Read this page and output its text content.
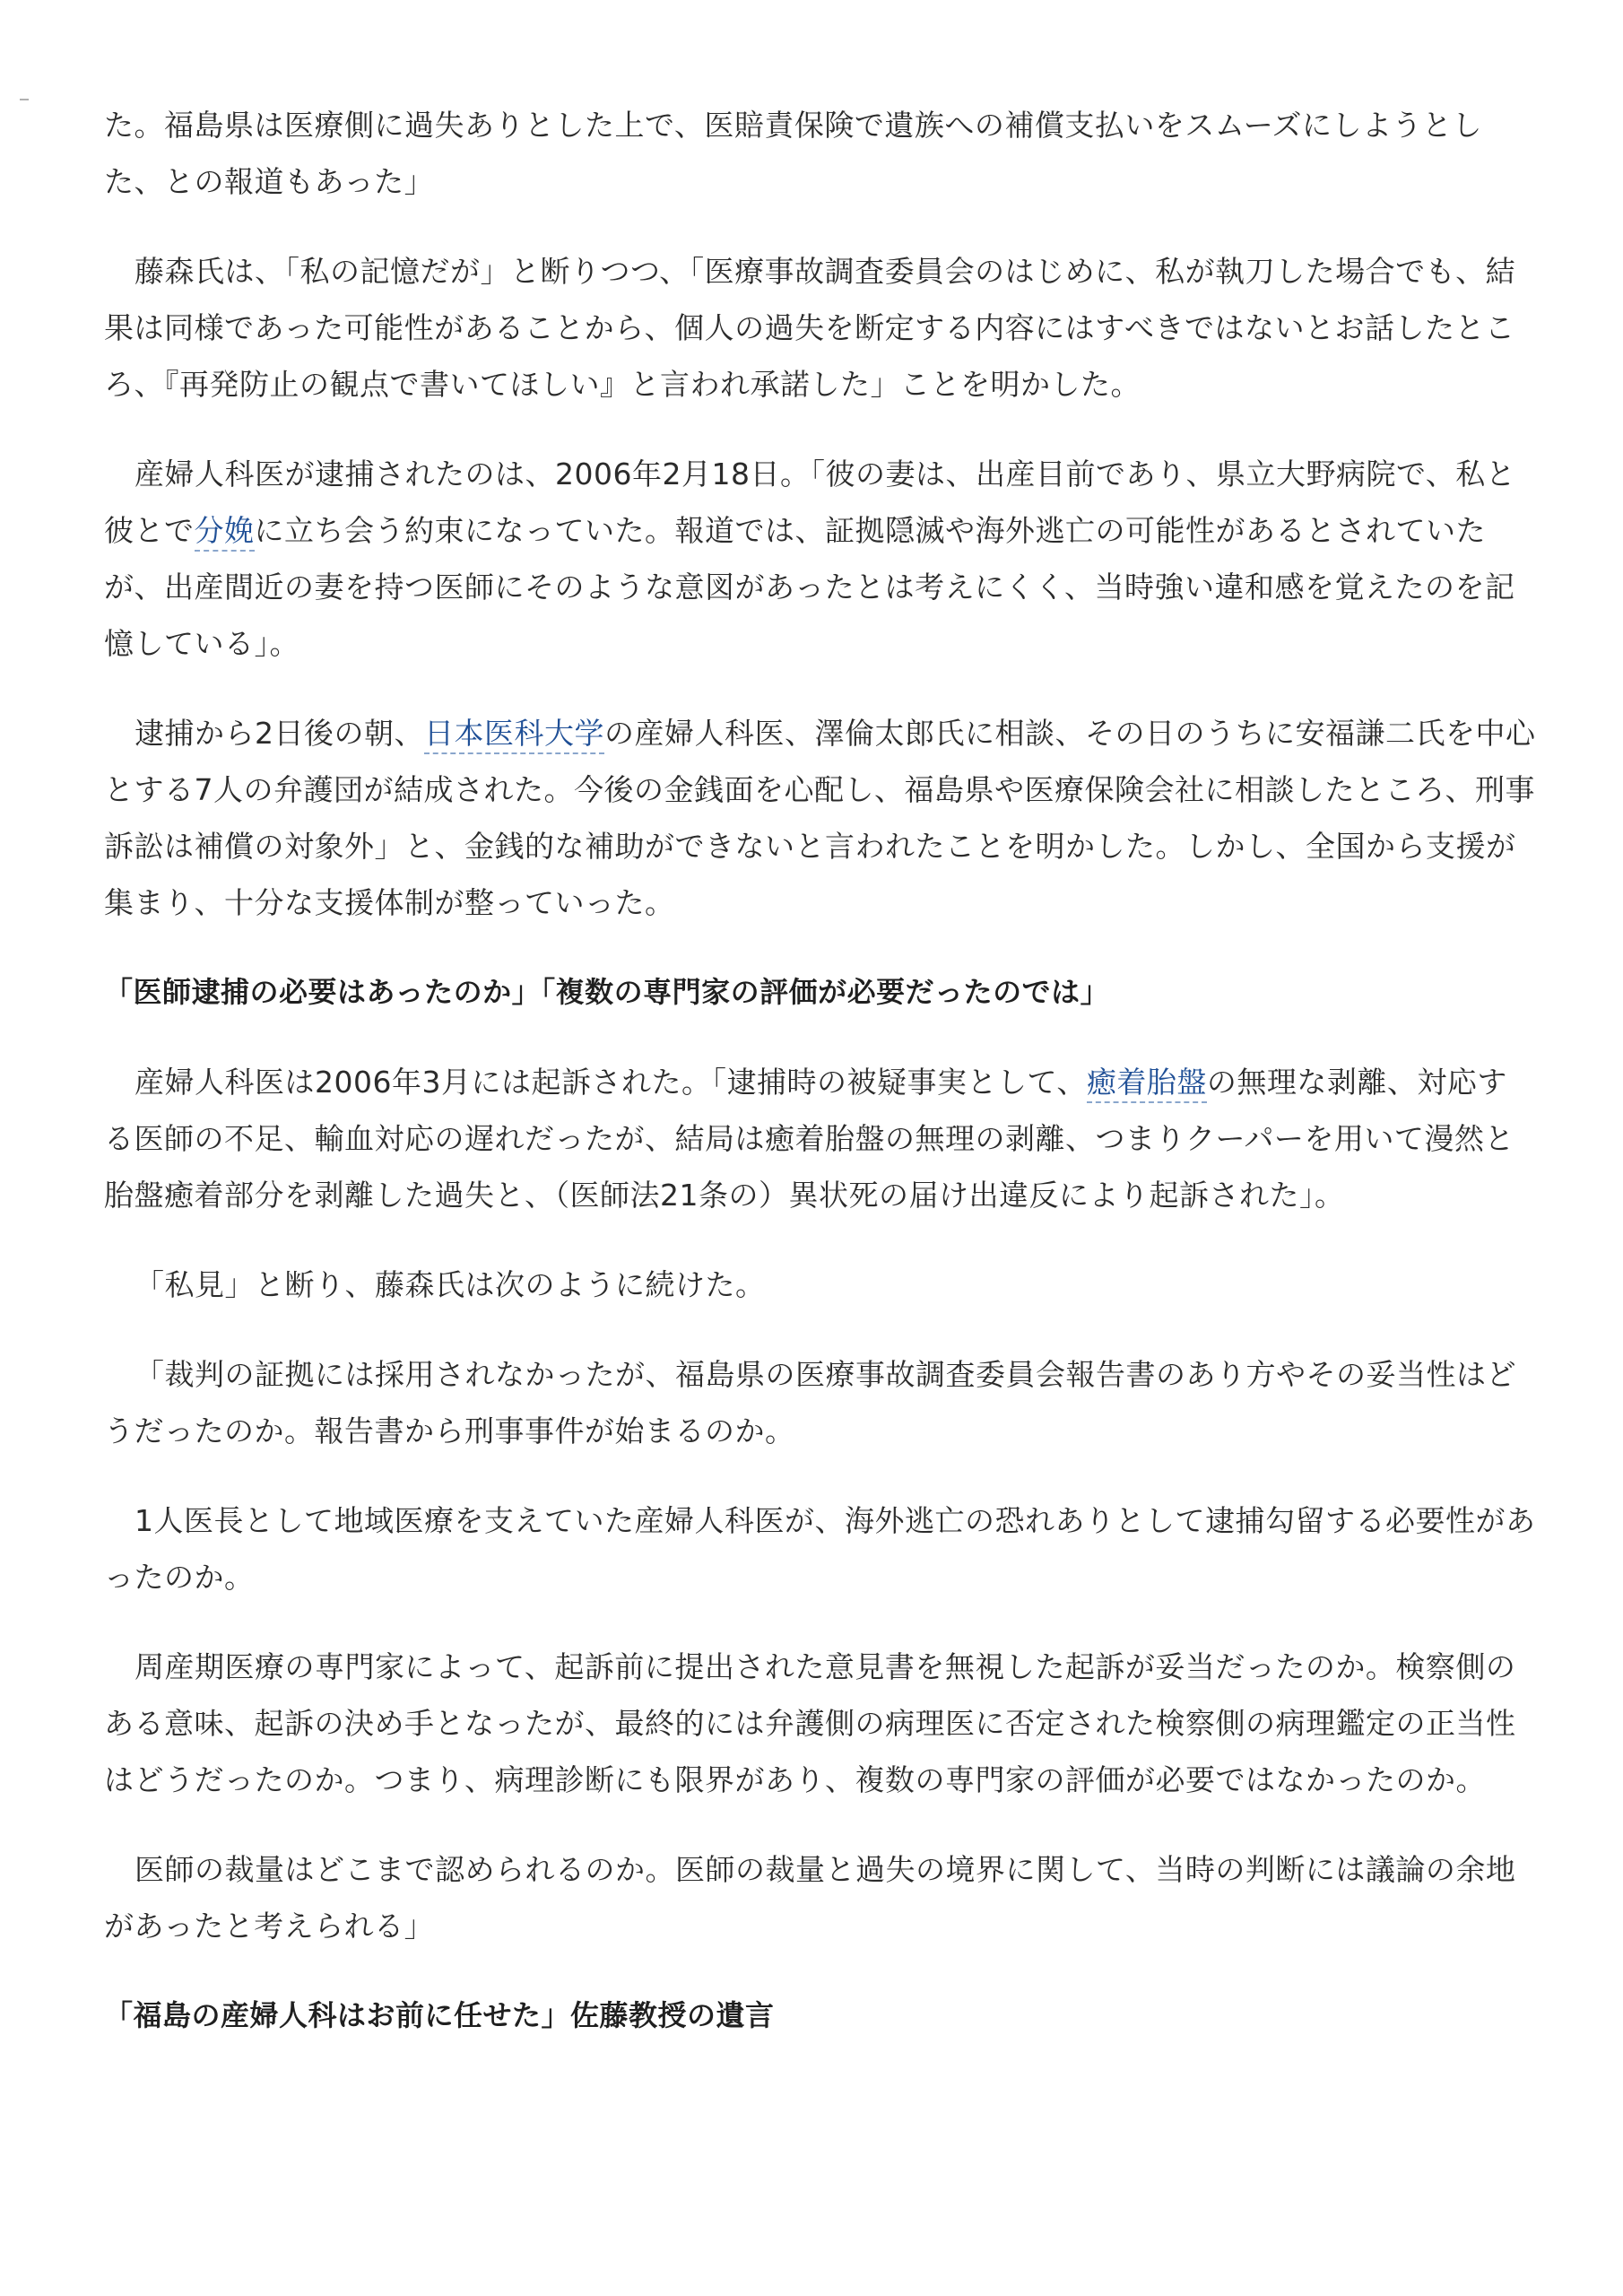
た。福島県は医療側に過失ありとした上で、医賠責保険で遺族への補償支払いをスムーズにしようとした、との報道もあった」

藤森氏は、「私の記憶だが」と断りつつ、「医療事故調査委員会のはじめに、私が執刀した場合でも、結果は同様であった可能性があることから、個人の過失を断定する内容にはすべきではないとお話したところ、『再発防止の観点で書いてほしい』と言われ承諾した」ことを明かした。

産婦人科医が逮捕されたのは、2006年2月18日。「彼の妻は、出産目前であり、県立大野病院で、私と彼とで分娩に立ち会う約束になっていた。報道では、証拠隠滅や海外逃亡の可能性があるとされていたが、出産間近の妻を持つ医師にそのような意図があったとは考えにくく、当時強い違和感を覚えたのを記憶している」。

逮捕から2日後の朝、日本医科大学の産婦人科医、澤倫太郎氏に相談、その日のうちに安福謙二氏を中心とする7人の弁護団が結成された。今後の金銭面を心配し、福島県や医療保険会社に相談したところ、刑事訴訟は補償の対象外」と、金銭的な補助ができないと言われたことを明かした。しかし、全国から支援が集まり、十分な支援体制が整っていった。

「医師逮捕の必要はあったのか」「複数の専門家の評価が必要だったのでは」

産婦人科医は2006年3月には起訴された。「逮捕時の被疑事実として、癒着胎盤の無理な剥離、対応する医師の不足、輸血対応の遅れだったが、結局は癒着胎盤の無理の剥離、つまりクーパーを用いて漫然と胎盤癒着部分を剥離した過失と、（医師法21条の）異状死の届け出違反により起訴された」。

「私見」と断り、藤森氏は次のように続けた。

「裁判の証拠には採用されなかったが、福島県の医療事故調査委員会報告書のあり方やその妥当性はどうだったのか。報告書から刑事事件が始まるのか。

1人医長として地域医療を支えていた産婦人科医が、海外逃亡の恐れありとして逮捕勾留する必要性があったのか。

周産期医療の専門家によって、起訴前に提出された意見書を無視した起訴が妥当だったのか。検察側のある意味、起訴の決め手となったが、最終的には弁護側の病理医に否定された検察側の病理鑑定の正当性はどうだったのか。つまり、病理診断にも限界があり、複数の専門家の評価が必要ではなかったのか。

医師の裁量はどこまで認められるのか。医師の裁量と過失の境界に関して、当時の判断には議論の余地があったと考えられる」

「福島の産婦人科はお前に任せた」佐藤教授の遺言
